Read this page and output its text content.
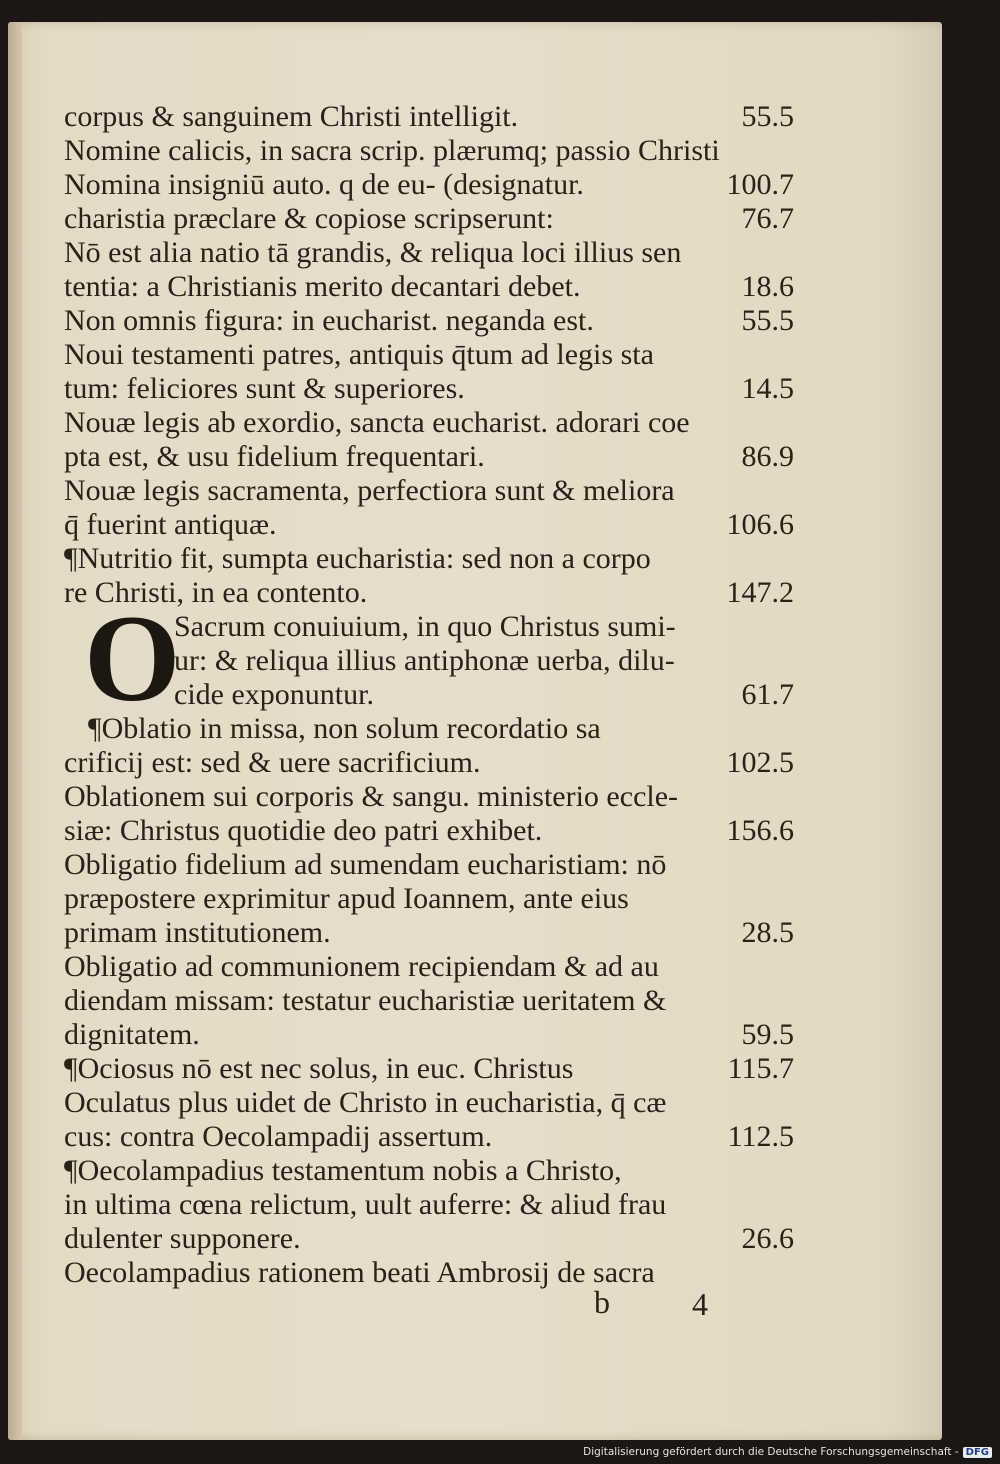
corpus & sanguinem Christi intelligit.	55.5
Nomine calicis, in sacra scrip. plærumq; passio Christi
Nomina insigniū auto. q de eu- (designatur.	100.7
charistia præclare & copiose scripserunt:	76.7
Nō est alia natio tā grandis, & reliqua loci illius sen
tentia: a Christianis merito decantari debet.	18.6
Non omnis figura: in eucharist. neganda est.	55.5
Noui testamenti patres, antiquis q̄tum ad legis sta
tum: feliciores sunt & superiores.	14.5
Nouæ legis ab exordio, sancta eucharist. adorari coe
pta est, & usu fidelium frequentari.	86.9
Nouæ legis sacramenta, perfectiora sunt & meliora
q̄ fuerint antiquæ.	106.6
¶Nutritio fit, sumpta eucharistia: sed non a corpo
re Christi, in ea contento.	147.2
O
Sacrum conuiuium, in quo Christus sumi-
ur: & reliqua illius antiphonæ uerba, dilu-
cide exponuntur.	61.7
¶Oblatio in missa, non solum recordatio sa
crificij est: sed & uere sacrificium.	102.5
Oblationem sui corporis & sangu. ministerio eccle-
siæ: Christus quotidie deo patri exhibet.	156.6
Obligatio fidelium ad sumendam eucharistiam: nō
præpostere exprimitur apud Ioannem, ante eius
primam institutionem.	28.5
Obligatio ad communionem recipiendam & ad au
diendam missam: testatur eucharistiæ ueritatem &
dignitatem.	59.5
¶Ociosus nō est nec solus, in euc. Christus	115.7
Oculatus plus uidet de Christo in eucharistia, q̄ cæ
cus: contra Oecolampadij assertum.	112.5
¶Oecolampadius testamentum nobis a Christo,
in ultima cœna relictum, uult auferre: & aliud frau
dulenter supponere.	26.6
Oecolampadius rationem beati Ambrosij de sacra
b	4
Digitalisierung gefördert durch die Deutsche Forschungsgemeinschaft - DFG
